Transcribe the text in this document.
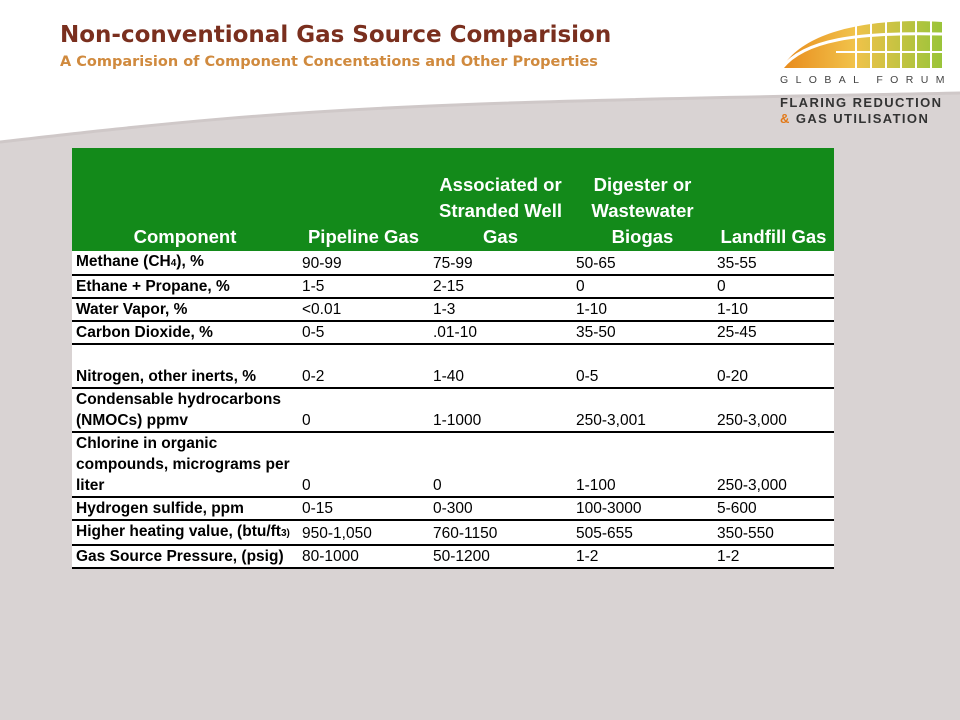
Non-conventional Gas Source Comparision
A Comparision of Component Concentations and Other Properties
GLOBAL FORUM
FLARING REDUCTION
& GAS UTILISATION
Component	Pipeline Gas	Associated or Stranded Well Gas	Digester or Wastewater Biogas	Landfill Gas
Methane (CH4), %	90-99	75-99	50-65	35-55
Ethane + Propane, %	1-5	2-15	0	0
Water Vapor, %	<0.01	1-3	1-10	1-10
Carbon Dioxide, %	0-5	.01-10	35-50	25-45
Nitrogen, other inerts, %	0-2	1-40	0-5	0-20
Condensable hydrocarbons (NMOCs) ppmv	0	1-1000	250-3,001	250-3,000
Chlorine in organic compounds, micrograms per liter	0	0	1-100	250-3,000
Hydrogen sulfide, ppm	0-15	0-300	100-3000	5-600
Higher heating value, (btu/ft3)	950-1,050	760-1150	505-655	350-550
Gas Source Pressure, (psig)	80-1000	50-1200	1-2	1-2
